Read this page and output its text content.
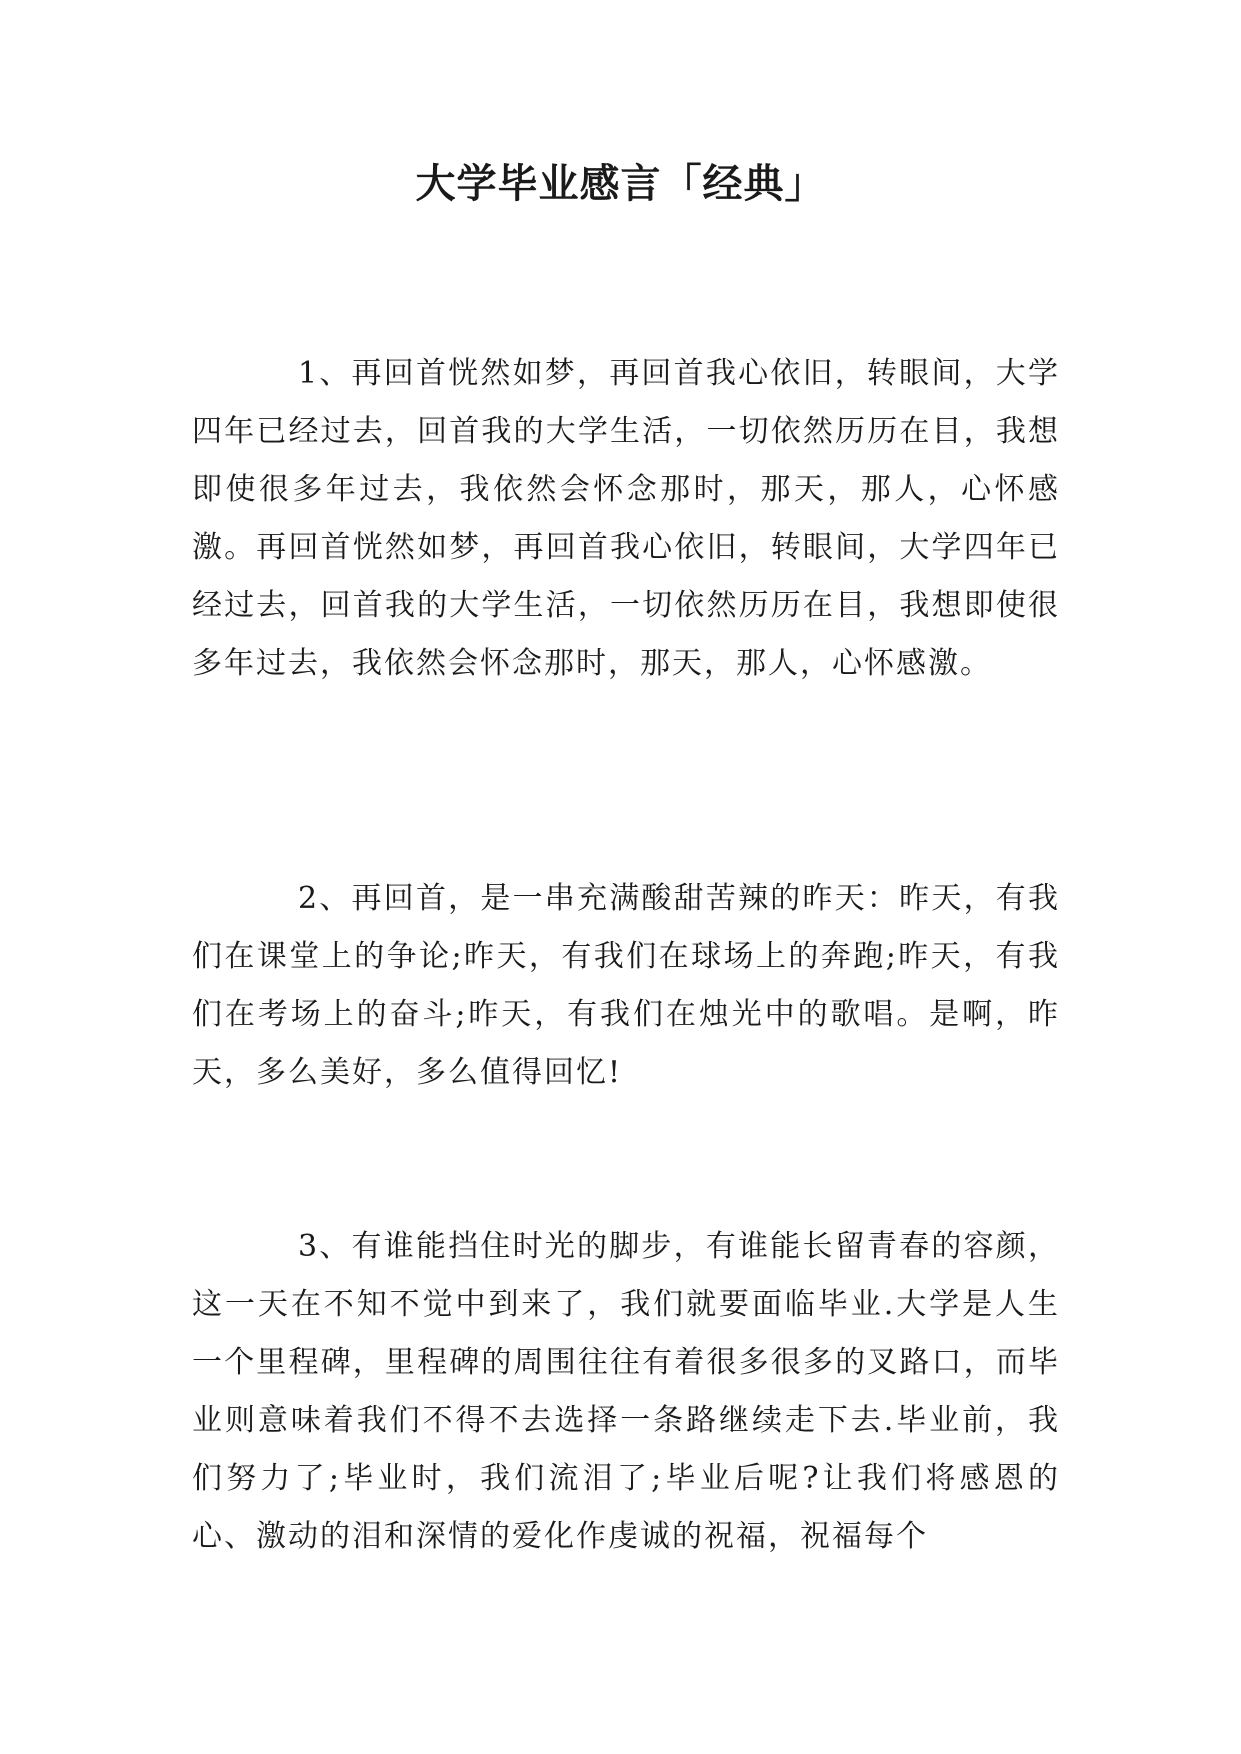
大学毕业感言「经典」
1、再回首恍然如梦，再回首我心依旧，转眼间，大学四年已经过去，回首我的大学生活，一切依然历历在目，我想即使很多年过去，我依然会怀念那时，那天，那人，心怀感激。再回首恍然如梦，再回首我心依旧，转眼间，大学四年已经过去，回首我的大学生活，一切依然历历在目，我想即使很多年过去，我依然会怀念那时，那天，那人，心怀感激。
2、再回首，是一串充满酸甜苦辣的昨天：昨天，有我们在课堂上的争论;昨天，有我们在球场上的奔跑;昨天，有我们在考场上的奋斗;昨天，有我们在烛光中的歌唱。是啊，昨天，多么美好，多么值得回忆!
3、有谁能挡住时光的脚步，有谁能长留青春的容颜，这一天在不知不觉中到来了，我们就要面临毕业.大学是人生一个里程碑，里程碑的周围往往有着很多很多的叉路口，而毕业则意味着我们不得不去选择一条路继续走下去.毕业前，我们努力了;毕业时，我们流泪了;毕业后呢?让我们将感恩的心、激动的泪和深情的爱化作虔诚的祝福，祝福每个
